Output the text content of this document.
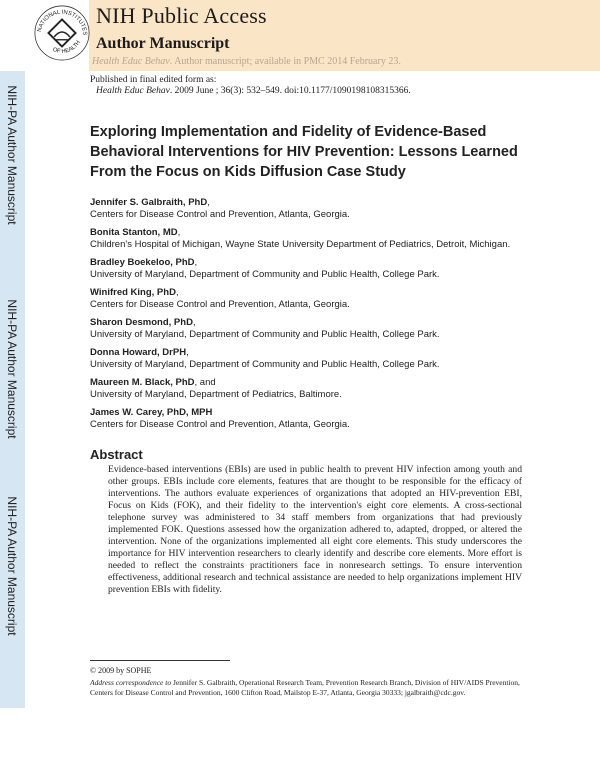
NATIONAL INSTITUTES
OF HEALTH
NIH Public Access
Author Manuscript
Health Educ Behav. Author manuscript; available in PMC 2014 February 23.
NIH-PA Author Manuscript
NIH-PA Author Manuscript
NIH-PA Author Manuscript
Published in final edited form as:
Health Educ Behav. 2009 June ; 36(3): 532–549. doi:10.1177/1090198108315366.
Exploring Implementation and Fidelity of Evidence-Based Behavioral Interventions for HIV Prevention: Lessons Learned From the Focus on Kids Diffusion Case Study
Jennifer S. Galbraith, PhD,
Centers for Disease Control and Prevention, Atlanta, Georgia.
Bonita Stanton, MD,
Children's Hospital of Michigan, Wayne State University Department of Pediatrics, Detroit, Michigan.
Bradley Boekeloo, PhD,
University of Maryland, Department of Community and Public Health, College Park.
Winifred King, PhD,
Centers for Disease Control and Prevention, Atlanta, Georgia.
Sharon Desmond, PhD,
University of Maryland, Department of Community and Public Health, College Park.
Donna Howard, DrPH,
University of Maryland, Department of Community and Public Health, College Park.
Maureen M. Black, PhD, and
University of Maryland, Department of Pediatrics, Baltimore.
James W. Carey, PhD, MPH
Centers for Disease Control and Prevention, Atlanta, Georgia.
Abstract
Evidence-based interventions (EBIs) are used in public health to prevent HIV infection among youth and other groups. EBIs include core elements, features that are thought to be responsible for the efficacy of interventions. The authors evaluate experiences of organizations that adopted an HIV-prevention EBI, Focus on Kids (FOK), and their fidelity to the intervention's eight core elements. A cross-sectional telephone survey was administered to 34 staff members from organizations that had previously implemented FOK. Questions assessed how the organization adhered to, adapted, dropped, or altered the intervention. None of the organizations implemented all eight core elements. This study underscores the importance for HIV intervention researchers to clearly identify and describe core elements. More effort is needed to reflect the constraints practitioners face in nonresearch settings. To ensure intervention effectiveness, additional research and technical assistance are needed to help organizations implement HIV prevention EBIs with fidelity.
© 2009 by SOPHE
Address correspondence to Jennifer S. Galbraith, Operational Research Team, Prevention Research Branch, Division of HIV/AIDS Prevention, Centers for Disease Control and Prevention, 1600 Clifton Road, Mailstop E-37, Atlanta, Georgia 30333; jgalbraith@cdc.gov.
